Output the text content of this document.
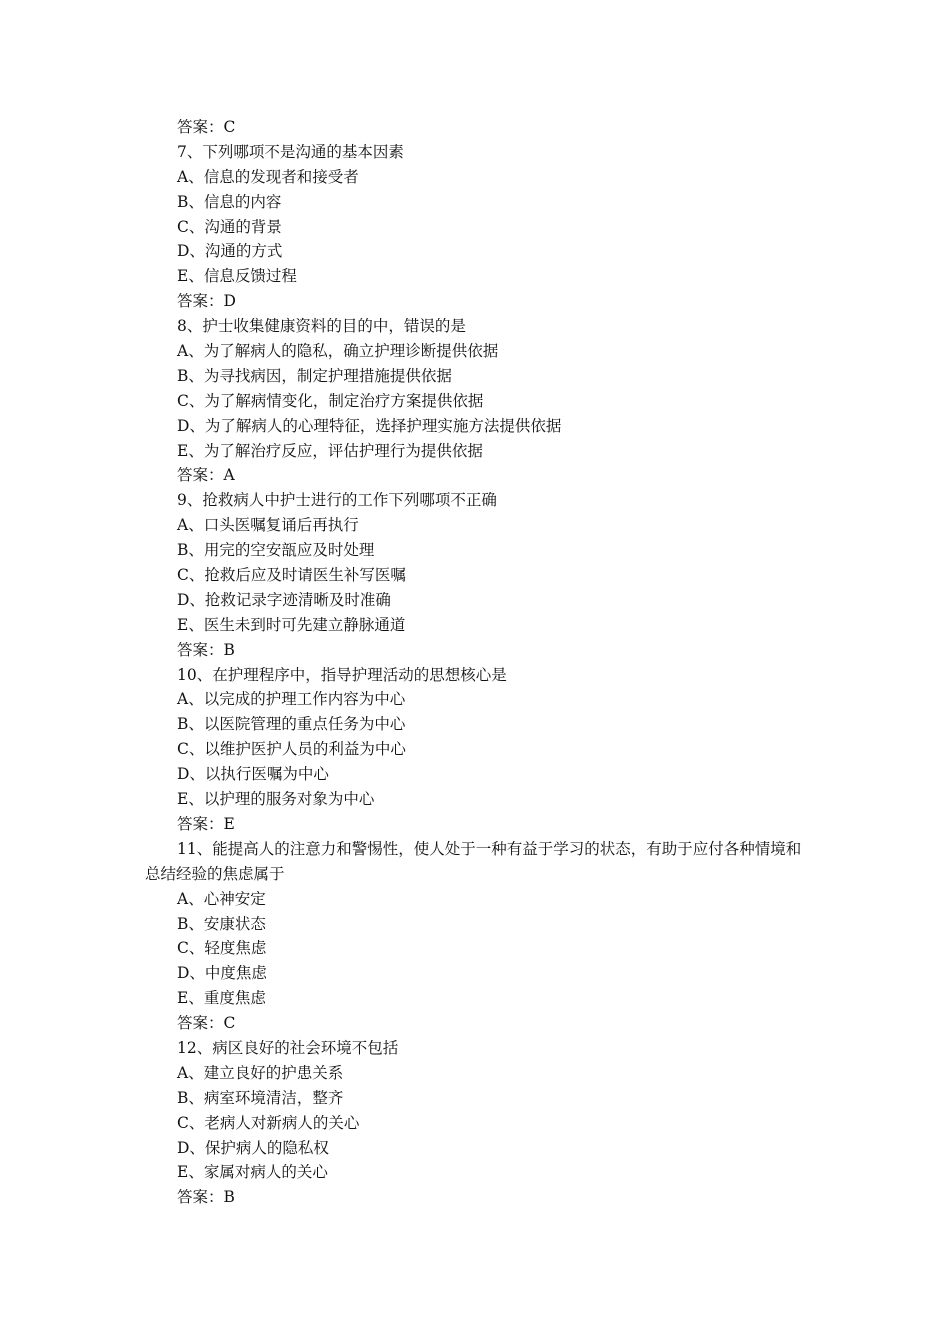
答案：C
7、下列哪项不是沟通的基本因素
A、信息的发现者和接受者
B、信息的内容
C、沟通的背景
D、沟通的方式
E、信息反馈过程
答案：D
8、护士收集健康资料的目的中，错误的是
A、为了解病人的隐私，确立护理诊断提供依据
B、为寻找病因，制定护理措施提供依据
C、为了解病情变化，制定治疗方案提供依据
D、为了解病人的心理特征，选择护理实施方法提供依据
E、为了解治疗反应，评估护理行为提供依据
答案：A
9、抢救病人中护士进行的工作下列哪项不正确
A、口头医嘱复诵后再执行
B、用完的空安瓿应及时处理
C、抢救后应及时请医生补写医嘱
D、抢救记录字迹清晰及时准确
E、医生未到时可先建立静脉通道
答案：B
10、在护理程序中，指导护理活动的思想核心是
A、以完成的护理工作内容为中心
B、以医院管理的重点任务为中心
C、以维护医护人员的利益为中心
D、以执行医嘱为中心
E、以护理的服务对象为中心
答案：E
11、能提高人的注意力和警惕性，使人处于一种有益于学习的状态，有助于应付各种情境和总结经验的焦虑属于
A、心神安定
B、安康状态
C、轻度焦虑
D、中度焦虑
E、重度焦虑
答案：C
12、病区良好的社会环境不包括
A、建立良好的护患关系
B、病室环境清洁，整齐
C、老病人对新病人的关心
D、保护病人的隐私权
E、家属对病人的关心
答案：B
